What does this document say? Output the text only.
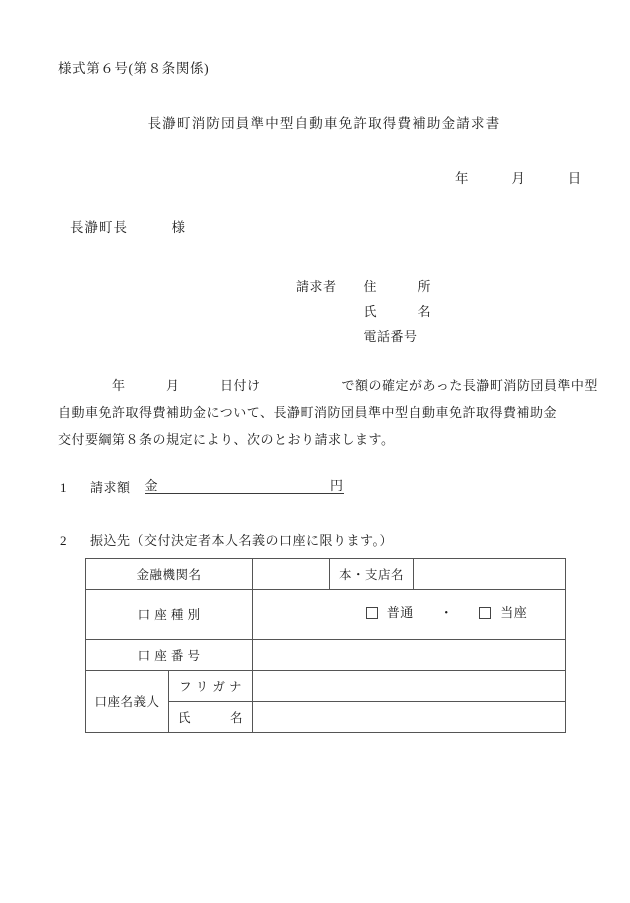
様式第６号(第８条関係)
長瀞町消防団員準中型自動車免許取得費補助金請求書
年　　　月　　　日
長瀞町長　　　様
請求者　　 住　　　所
　　　　　氏　　　名
　　　　　電話番号
　　　　年　　　月　　　日付け　　　　　　で額の確定があった長瀞町消防団員準中型
自動車免許取得費補助金について、長瀞町消防団員準中型自動車免許取得費補助金
交付要綱第８条の規定により、次のとおり請求します。
1	請求額 金	円
2	振込先（交付決定者本人名義の口座に限ります。）
金融機関名			本・支店名	
口 座 種 別		普通 ・ 当座		

口 座 番 号				
口座名義人	フ リ ガ ナ			
	氏　　　名			
